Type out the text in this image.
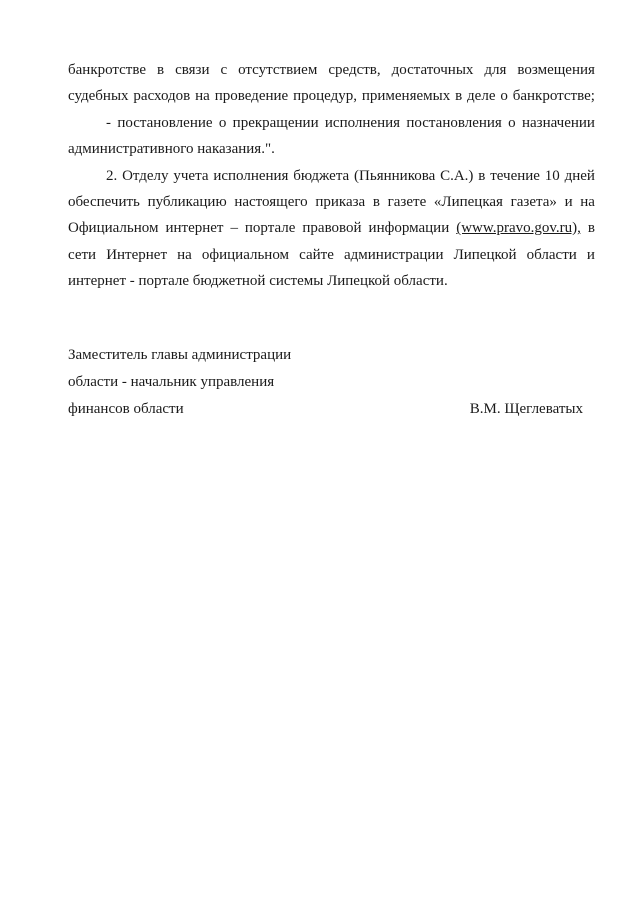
банкротстве в связи с отсутствием средств, достаточных для возмещения
судебных расходов на проведение процедур, применяемых в деле о банкротстве;
- постановление о прекращении исполнения постановления о назначении
административного наказания.".
2. Отделу учета исполнения бюджета (Пьянникова С.А.) в течение 10 дней
обеспечить публикацию настоящего приказа в газете «Липецкая газета» и на
Официальном интернет – портале правовой информации (www.pravo.gov.ru), в
сети Интернет на официальном сайте администрации Липецкой области и
интернет - портале бюджетной системы Липецкой области.
Заместитель главы администрации
области - начальник управления
финансов области	В.М. Щеглеватых
